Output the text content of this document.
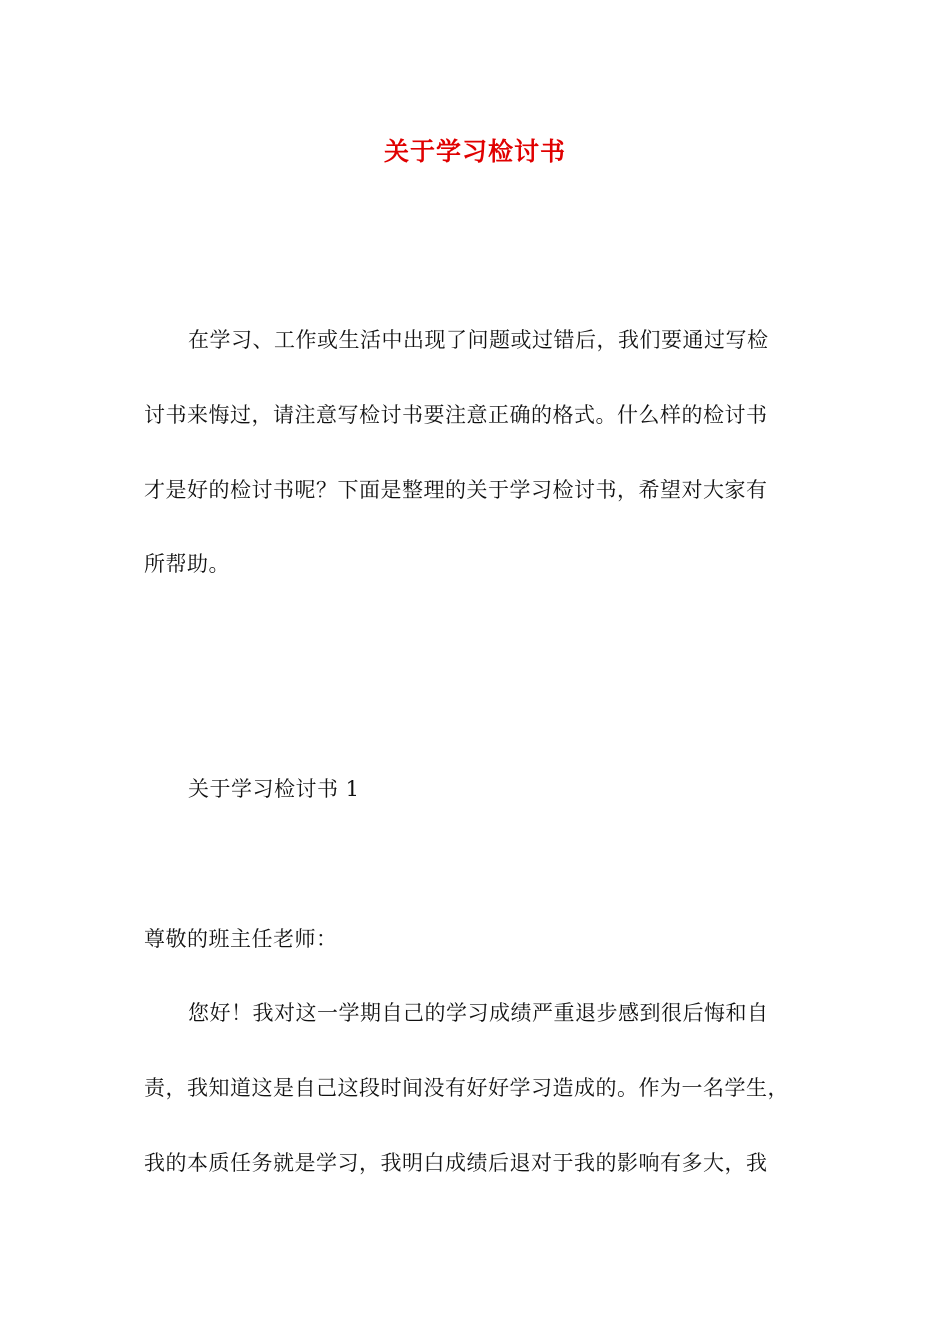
关于学习检讨书
在学习、工作或生活中出现了问题或过错后，我们要通过写检
讨书来悔过，请注意写检讨书要注意正确的格式。什么样的检讨书
才是好的检讨书呢？下面是整理的关于学习检讨书，希望对大家有
所帮助。
关于学习检讨书 1
尊敬的班主任老师：
您好！我对这一学期自己的学习成绩严重退步感到很后悔和自
责，我知道这是自己这段时间没有好好学习造成的。作为一名学生，
我的本质任务就是学习，我明白成绩后退对于我的影响有多大，我
